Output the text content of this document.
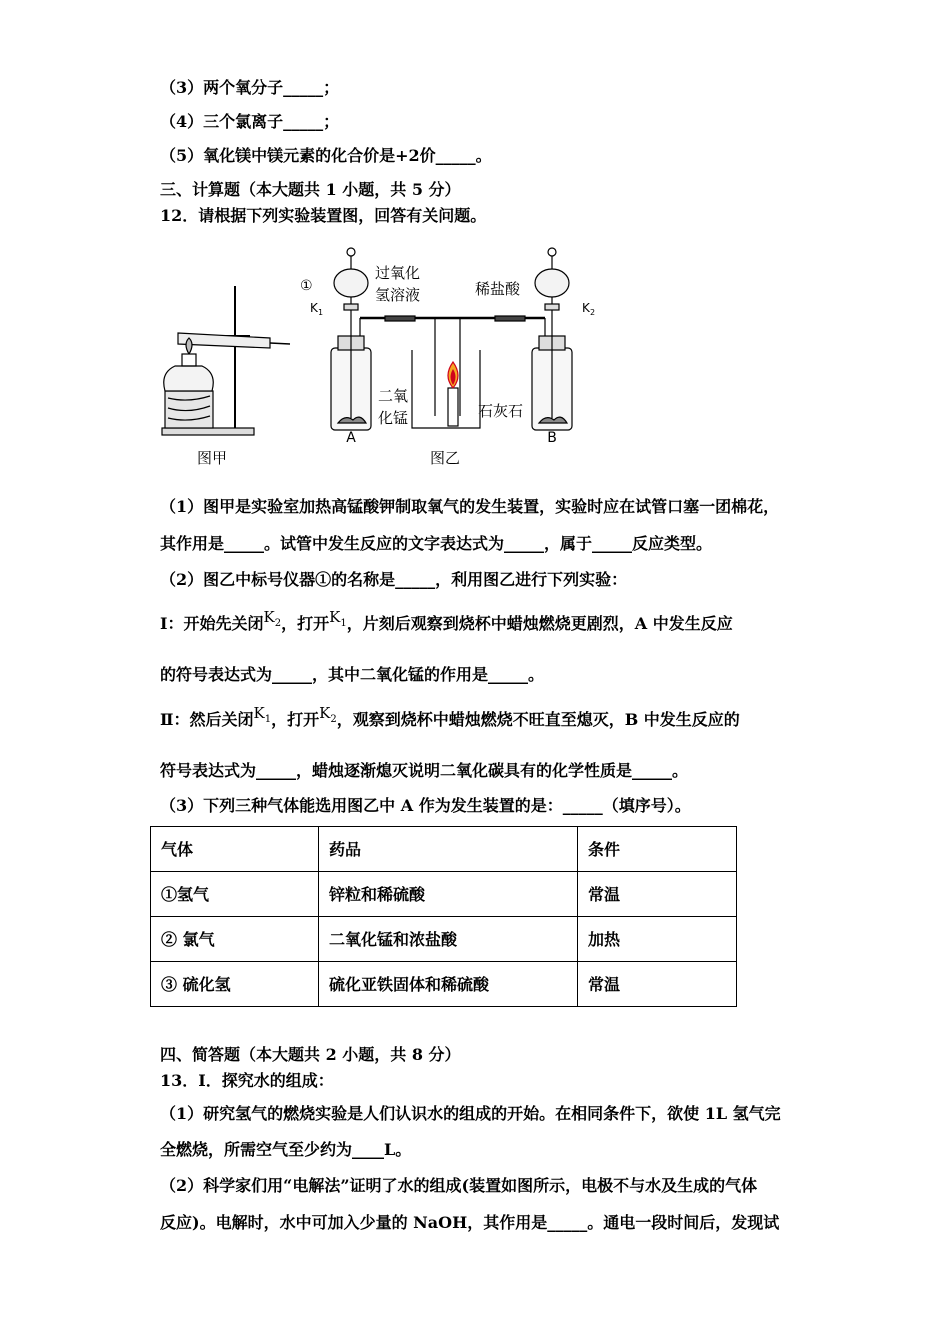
（3）两个氧分子_____；
（4）三个氯离子_____；
（5）氧化镁中镁元素的化合价是+2价_____。
三、计算题（本大题共 1 小题，共 5 分）
12．请根据下列实验装置图，回答有关问题。
图甲
①
过氧化
氢溶液	稀盐酸
K 1	K 2
二氧
化锰	石灰石
A	B
图乙
（1）图甲是实验室加热高锰酸钾制取氧气的发生装置，实验时应在试管口塞一团棉花，
其作用是_____。试管中发生反应的文字表达式为_____，属于_____反应类型。
（2）图乙中标号仪器①的名称是_____，利用图乙进行下列实验：
Ⅰ：开始先关闭$K_2$，打开$K_1$，片刻后观察到烧杯中蜡烛燃烧更剧烈，A 中发生反应
的符号表达式为_____，其中二氧化锰的作用是_____。
Ⅱ：然后关闭$K_1$，打开$K_2$，观察到烧杯中蜡烛燃烧不旺直至熄灭，B 中发生反应的
符号表达式为_____，蜡烛逐渐熄灭说明二氧化碳具有的化学性质是_____。
（3）下列三种气体能选用图乙中 A 作为发生装置的是：_____（填序号）。
气体	药品	条件
①氢气	锌粒和稀硫酸	常温
② 氯气	二氧化锰和浓盐酸	加热
③ 硫化氢	硫化亚铁固体和稀硫酸	常温
四、简答题（本大题共 2 小题，共 8 分）
13．I．探究水的组成：
（1）研究氢气的燃烧实验是人们认识水的组成的开始。在相同条件下，欲使 1L 氢气完
全燃烧，所需空气至少约为____L。
（2）科学家们用“电解法”证明了水的组成(装置如图所示，电极不与水及生成的气体
反应)。电解时，水中可加入少量的 NaOH，其作用是_____。通电一段时间后，发现试
